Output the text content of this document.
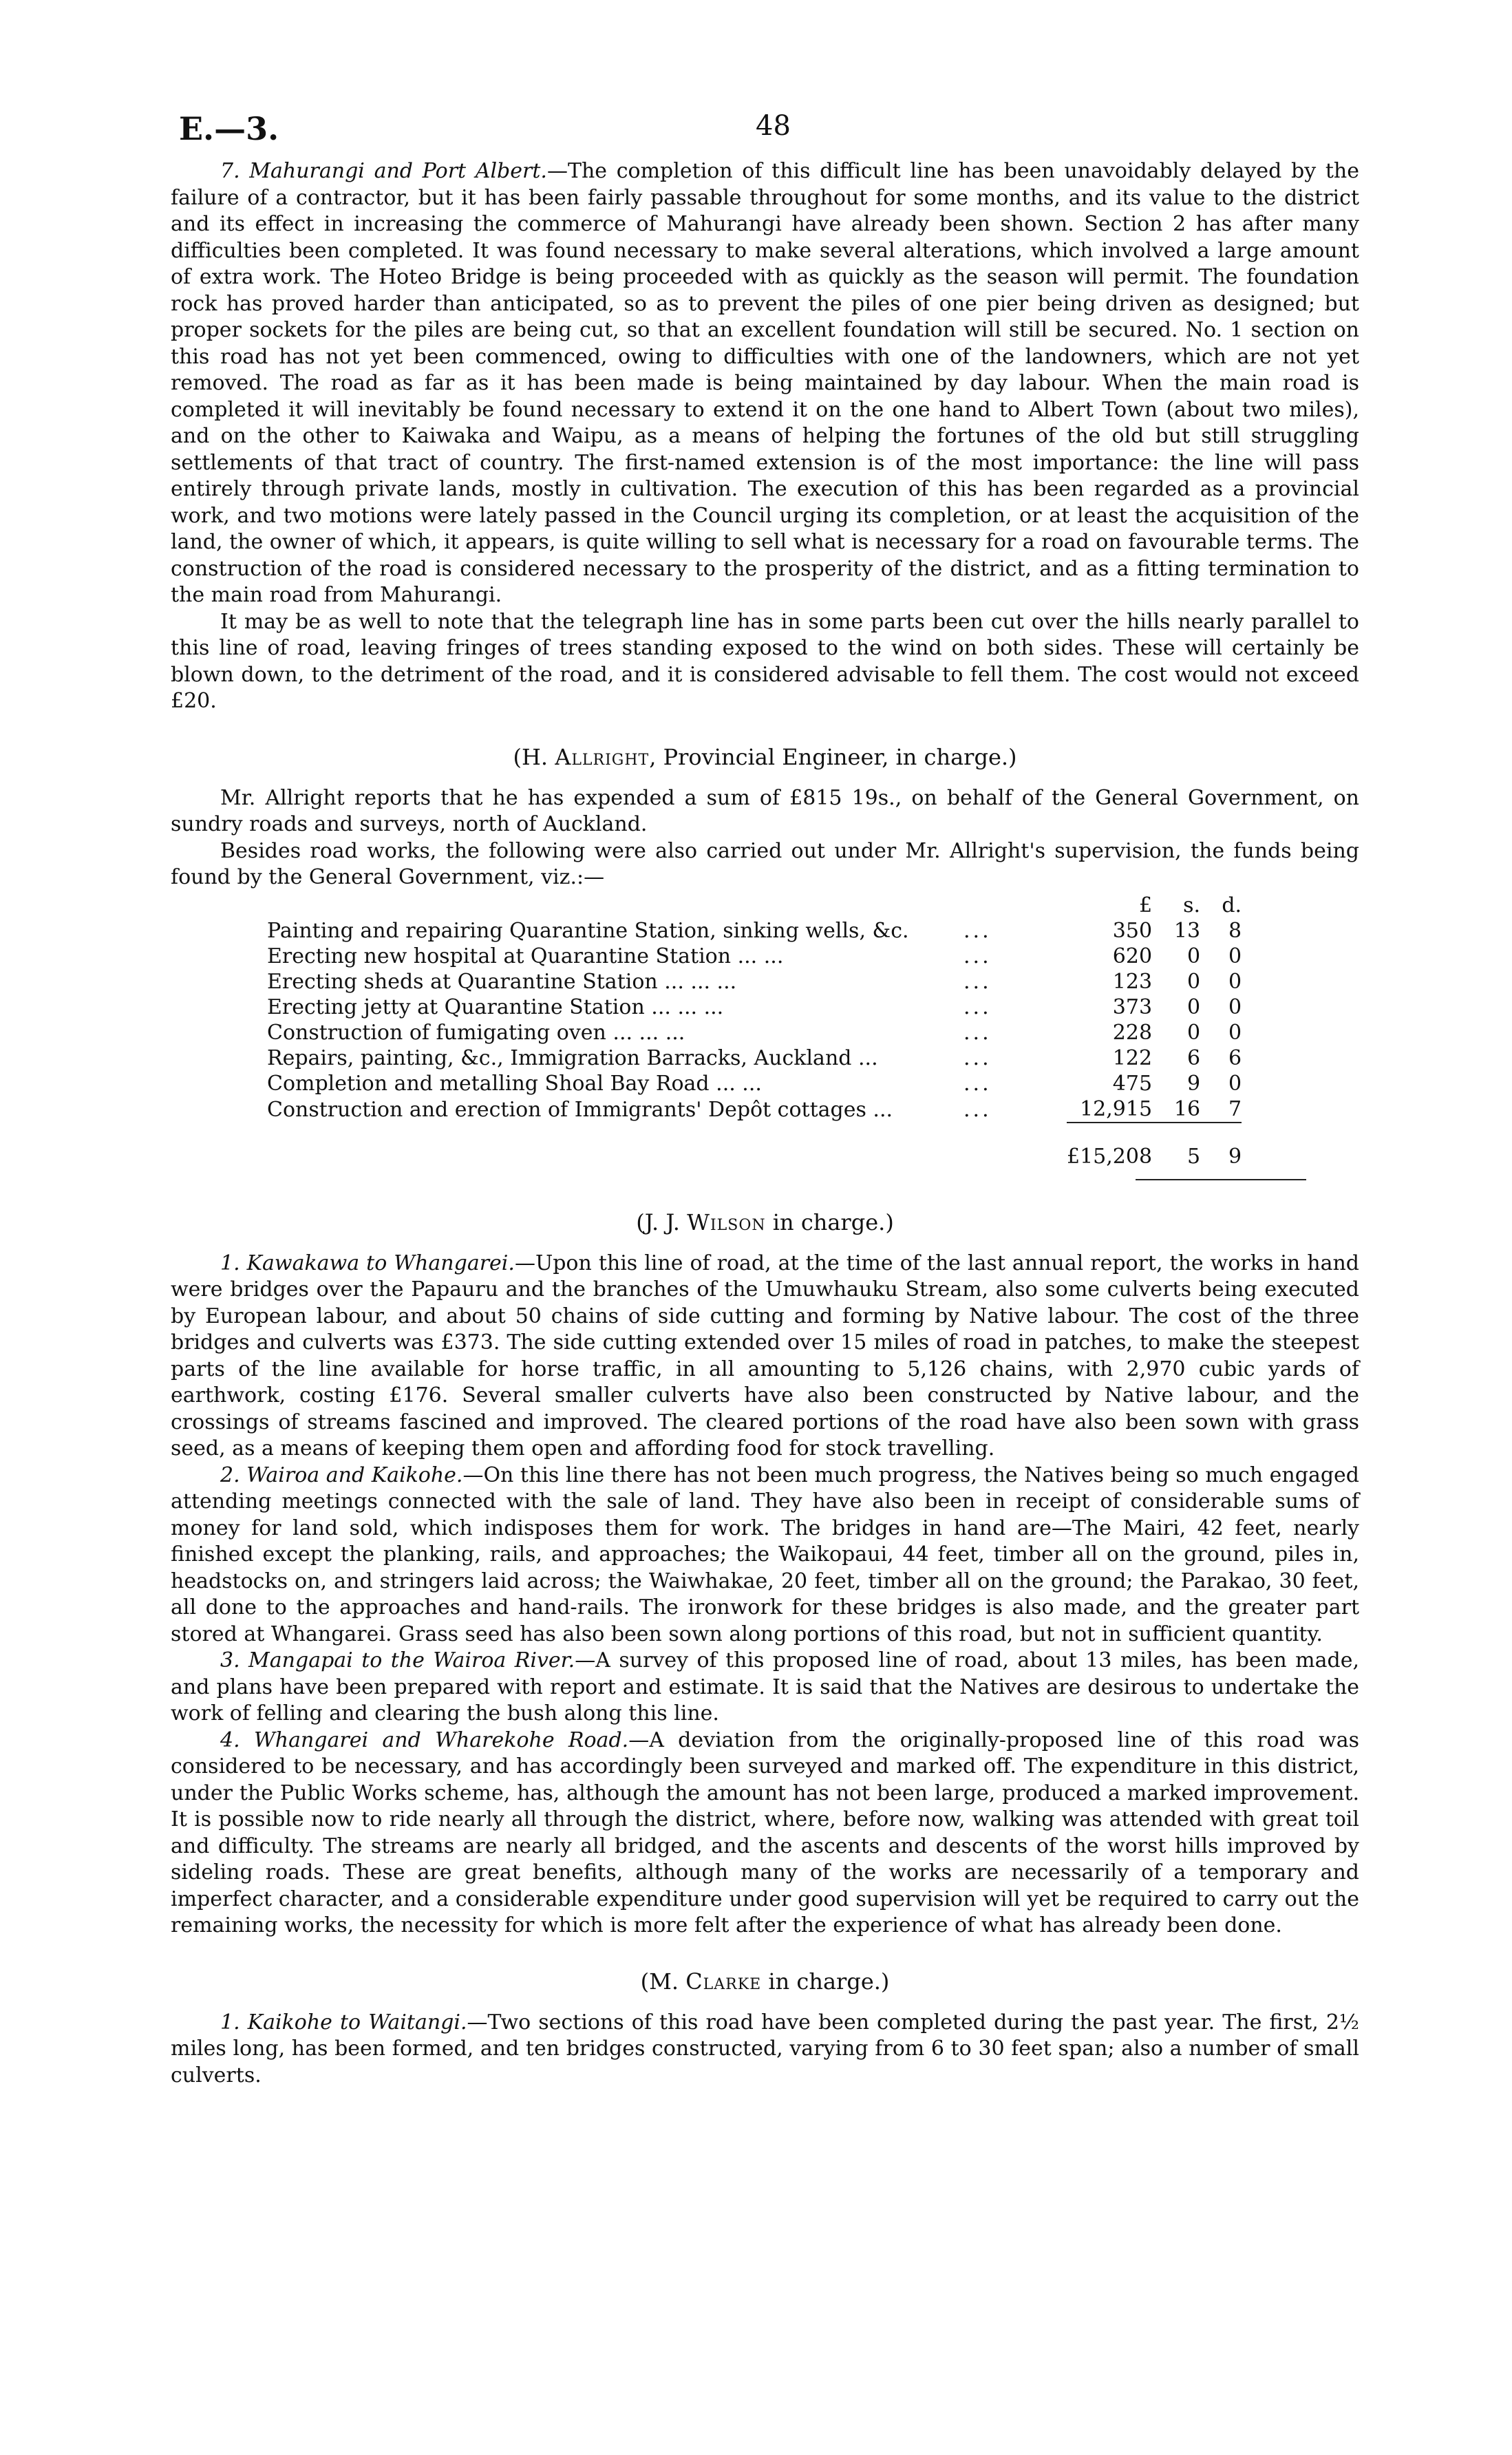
E.—3.	48

7. Mahurangi and Port Albert.—The completion of this difficult line has been unavoidably delayed by the failure of a contractor, but it has been fairly passable throughout for some months, and its value to the district and its effect in increasing the commerce of Mahurangi have already been shown. Section 2 has after many difficulties been completed. It was found necessary to make several alterations, which involved a large amount of extra work. The Hoteo Bridge is being proceeded with as quickly as the season will permit. The foundation rock has proved harder than anticipated, so as to prevent the piles of one pier being driven as designed; but proper sockets for the piles are being cut, so that an excellent foundation will still be secured. No. 1 section on this road has not yet been commenced, owing to difficulties with one of the landowners, which are not yet removed. The road as far as it has been made is being maintained by day labour. When the main road is completed it will inevitably be found necessary to extend it on the one hand to Albert Town (about two miles), and on the other to Kaiwaka and Waipu, as a means of helping the fortunes of the old but still struggling settlements of that tract of country. The first-named extension is of the most importance: the line will pass entirely through private lands, mostly in cultivation. The execution of this has been regarded as a provincial work, and two motions were lately passed in the Council urging its completion, or at least the acquisition of the land, the owner of which, it appears, is quite willing to sell what is necessary for a road on favourable terms. The construction of the road is considered necessary to the prosperity of the district, and as a fitting termination to the main road from Mahurangi.

It may be as well to note that the telegraph line has in some parts been cut over the hills nearly parallel to this line of road, leaving fringes of trees standing exposed to the wind on both sides. These will certainly be blown down, to the detriment of the road, and it is considered advisable to fell them. The cost would not exceed £20.

(H. Allright, Provincial Engineer, in charge.)

Mr. Allright reports that he has expended a sum of £815 19s., on behalf of the General Government, on sundry roads and surveys, north of Auckland.

Besides road works, the following were also carried out under Mr. Allright's supervision, the funds being found by the General Government, viz.:—

		£	s.	d.
Painting and repairing Quarantine Station, sinking wells, &c.	...	350	13	8
Erecting new hospital at Quarantine Station ... ...	...	620	0	0
Erecting sheds at Quarantine Station ... ... ...	...	123	0	0
Erecting jetty at Quarantine Station ... ... ...	...	373	0	0
Construction of fumigating oven ... ... ...	...	228	0	0
Repairs, painting, &c., Immigration Barracks, Auckland ...	...	122	6	6
Completion and metalling Shoal Bay Road ... ...	...	475	9	0
Construction and erection of Immigrants' Depôt cottages ...	...	12,915	16	7
		£15,208	5	9
(J. J. Wilson in charge.)

1. Kawakawa to Whangarei.—Upon this line of road, at the time of the last annual report, the works in hand were bridges over the Papauru and the branches of the Umuwhauku Stream, also some culverts being executed by European labour, and about 50 chains of side cutting and forming by Native labour. The cost of the three bridges and culverts was £373. The side cutting extended over 15 miles of road in patches, to make the steepest parts of the line available for horse traffic, in all amounting to 5,126 chains, with 2,970 cubic yards of earthwork, costing £176. Several smaller culverts have also been constructed by Native labour, and the crossings of streams fascined and improved. The cleared portions of the road have also been sown with grass seed, as a means of keeping them open and affording food for stock travelling.

2. Wairoa and Kaikohe.—On this line there has not been much progress, the Natives being so much engaged attending meetings connected with the sale of land. They have also been in receipt of considerable sums of money for land sold, which indisposes them for work. The bridges in hand are—The Mairi, 42 feet, nearly finished except the planking, rails, and approaches; the Waikopaui, 44 feet, timber all on the ground, piles in, headstocks on, and stringers laid across; the Waiwhakae, 20 feet, timber all on the ground; the Parakao, 30 feet, all done to the approaches and hand-rails. The ironwork for these bridges is also made, and the greater part stored at Whangarei. Grass seed has also been sown along portions of this road, but not in sufficient quantity.

3. Mangapai to the Wairoa River.—A survey of this proposed line of road, about 13 miles, has been made, and plans have been prepared with report and estimate. It is said that the Natives are desirous to undertake the work of felling and clearing the bush along this line.

4. Whangarei and Wharekohe Road.—A deviation from the originally-proposed line of this road was considered to be necessary, and has accordingly been surveyed and marked off. The expenditure in this district, under the Public Works scheme, has, although the amount has not been large, produced a marked improvement. It is possible now to ride nearly all through the district, where, before now, walking was attended with great toil and difficulty. The streams are nearly all bridged, and the ascents and descents of the worst hills improved by sideling roads. These are great benefits, although many of the works are necessarily of a temporary and imperfect character, and a considerable expenditure under good supervision will yet be required to carry out the remaining works, the necessity for which is more felt after the experience of what has already been done.

(M. Clarke in charge.)

1. Kaikohe to Waitangi.—Two sections of this road have been completed during the past year. The first, 2½ miles long, has been formed, and ten bridges constructed, varying from 6 to 30 feet span; also a number of small culverts.
